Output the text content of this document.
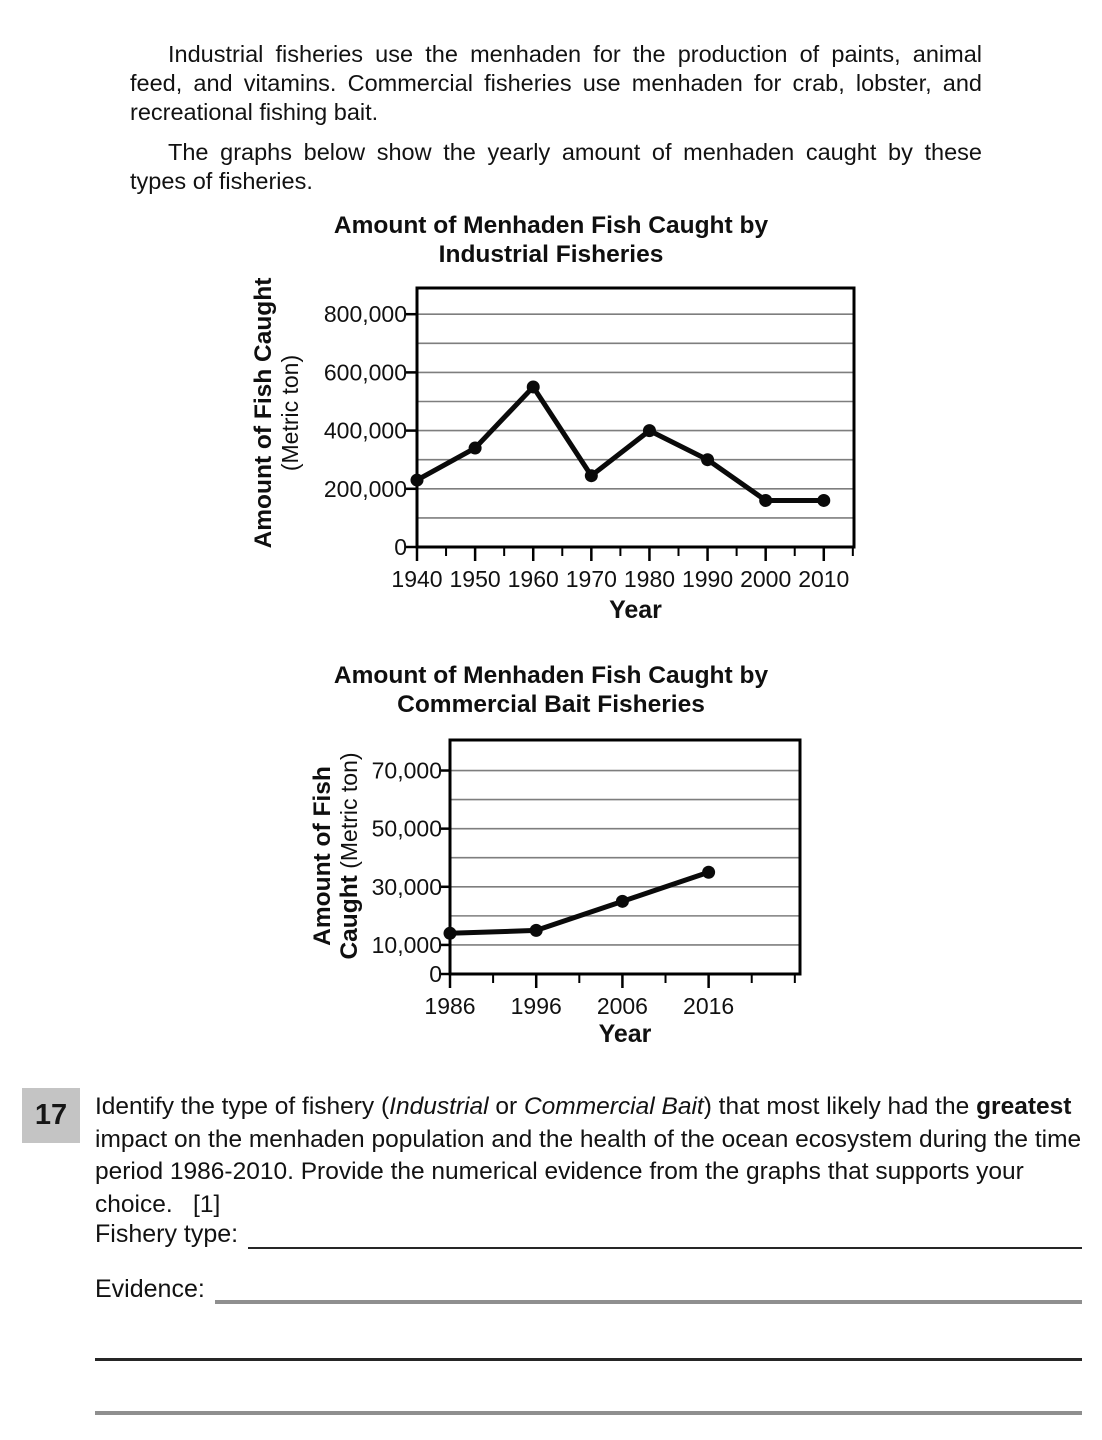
Industrial fisheries use the menhaden for the production of paints, animal feed, and vitamins. Commercial fisheries use menhaden for crab, lobster, and recreational fishing bait.

The graphs below show the yearly amount of menhaden caught by these types of fisheries.

Amount of Menhaden Fish Caught by
Industrial Fisheries
Amount of Fish Caught (Metric ton)
0
200,000
400,000
600,000
800,000
1940 1950 1960 1970 1980 1990 2000 2010
Year
Amount of Menhaden Fish Caught by
Commercial Bait Fisheries
Amount of Fish Caught (Metric ton)
0
10,000
30,000
50,000
70,000
1986 1996 2006 2016
Year
17	Identify the type of fishery (Industrial or Commercial Bait) that most likely had the greatest impact on the menhaden population and the health of the ocean ecosystem during the time period 1986-2010. Provide the numerical evidence from the graphs that supports your choice.   [1]
Fishery type:
Evidence:
